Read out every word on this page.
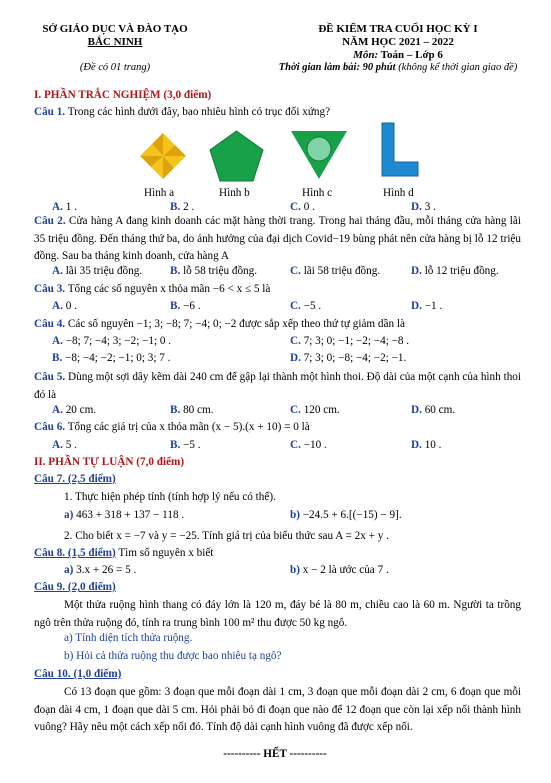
SỞ GIÁO DỤC VÀ ĐÀO TẠO
BẮC NINH
(Đề có 01 trang)
ĐỀ KIỂM TRA CUỐI HỌC KỲ I
NĂM HỌC 2021 – 2022
Môn: Toán – Lớp 6
Thời gian làm bài: 90 phút (không kể thời gian giao đề)
I. PHẦN TRẮC NGHIỆM (3,0 điểm)
Câu 1. Trong các hình dưới đây, bao nhiêu hình có trục đối xứng?
Hình a	Hình b	Hình c	Hình d
A. 1 .	B. 2 .	C. 0 .	D. 3 .
Câu 2. Cửa hàng A đang kinh doanh các mặt hàng thời trang. Trong hai tháng đầu, mỗi tháng cửa hàng lãi 35 triệu đồng. Đến tháng thứ ba, do ảnh hưởng của đại dịch Covid−19 bùng phát nên cửa hàng bị lỗ 12 triệu đồng. Sau ba tháng kinh doanh, cửa hàng A
A. lãi 35 triệu đồng. B. lỗ 58 triệu đồng.	C. lãi 58 triệu đồng.	D. lỗ 12 triệu đồng.
Câu 3. Tổng các số nguyên x thỏa mãn −6 < x ≤ 5 là
A. 0 .	B. −6 .	C. −5 .	D. −1 .
Câu 4. Các số nguyên −1; 3; −8; 7; −4; 0; −2 được sắp xếp theo thứ tự giảm dần là
A. −8; 7; −4; 3; −2; −1; 0 .	C. 7; 3; 0; −1; −2; −4; −8 .
B. −8; −4; −2; −1; 0; 3; 7 .	D. 7; 3; 0; −8; −4; −2; −1.
Câu 5. Dùng một sợi dây kẽm dài 240 cm để gập lại thành một hình thoi. Độ dài của một cạnh của hình thoi đó là
A. 20 cm.	B. 80 cm.	C. 120 cm.	D. 60 cm.
Câu 6. Tổng các giá trị của x thỏa mãn (x − 5).(x + 10) = 0 là
A. 5 .	B. −5 .	C. −10 .	D. 10 .
II. PHẦN TỰ LUẬN (7,0 điểm)
Câu 7. (2,5 điểm)
1. Thực hiện phép tính (tính hợp lý nếu có thể).
a) 463 + 318 + 137 − 118 .	b) −24.5 + 6.[(−15) − 9].
2. Cho biết x = −7 và y = −25. Tính giá trị của biểu thức sau A = 2x + y .
Câu 8. (1,5 điểm) Tìm số nguyên x biết
a) 3.x + 26 = 5 .	b) x − 2 là ước của 7 .
Câu 9. (2,0 điểm)
Một thửa ruộng hình thang có đáy lớn là 120 m, đáy bé là 80 m, chiều cao là 60 m. Người ta trồng ngô trên thửa ruộng đó, tính ra trung bình 100 m² thu được 50 kg ngô.
a) Tính diện tích thửa ruộng.
b) Hỏi cả thửa ruộng thu được bao nhiêu tạ ngô?
Câu 10. (1,0 điểm)
Có 13 đoạn que gồm: 3 đoạn que mỗi đoạn dài 1 cm, 3 đoạn que mỗi đoạn dài 2 cm, 6 đoạn que mỗi đoạn dài 4 cm, 1 đoạn que dài 5 cm. Hỏi phải bỏ đi đoạn que nào để 12 đoạn que còn lại xếp nối thành hình vuông? Hãy nêu một cách xếp nối đó. Tính độ dài cạnh hình vuông đã được xếp nối.
---------- HẾT ----------
